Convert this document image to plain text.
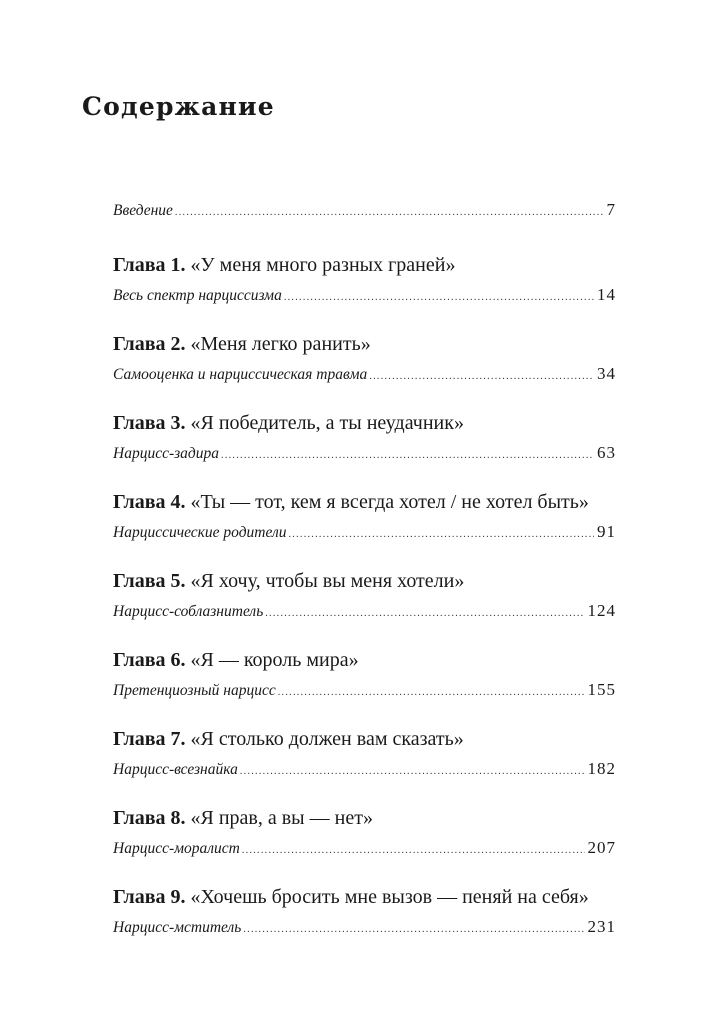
Содержание
Введение .....	7
Глава 1. «У меня много разных граней»
Весь спектр нарциссизма .....	14
Глава 2. «Меня легко ранить»
Самооценка и нарциссическая травма .....	34
Глава 3. «Я победитель, а ты неудачник»
Нарцисс-задира .....	63
Глава 4. «Ты — тот, кем я всегда хотел / не хотел быть»
Нарциссические родители .....	91
Глава 5. «Я хочу, чтобы вы меня хотели»
Нарцисс-соблазнитель .....	124
Глава 6. «Я — король мира»
Претенциозный нарцисс .....	155
Глава 7. «Я столько должен вам сказать»
Нарцисс-всезнайка .....	182
Глава 8. «Я прав, а вы — нет»
Нарцисс-моралист .....	207
Глава 9. «Хочешь бросить мне вызов — пеняй на себя»
Нарцисс-мститель .....	231
